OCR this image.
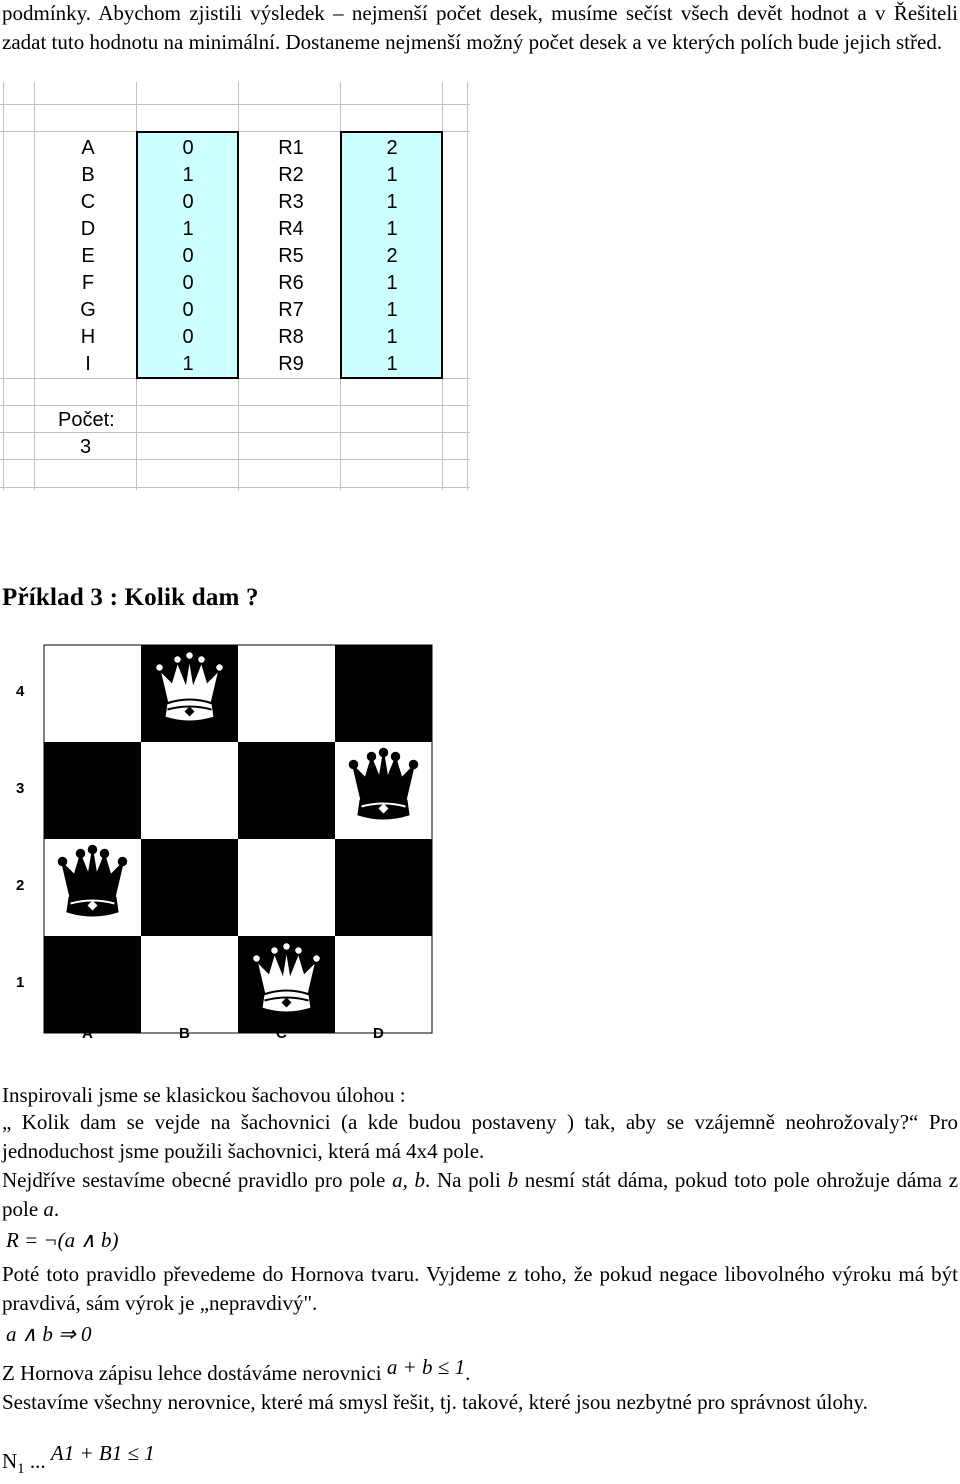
podmínky. Abychom zjistili výsledek – nejmenší počet desek, musíme sečíst všech devět hodnot a v Řešiteli zadat tuto hodnotu na minimální. Dostaneme nejmenší možný počet desek a ve kterých polích bude jejich střed.

A	0	R1	2
B	1	R2	1
C	0	R3	1
D	1	R4	1
E	0	R5	2
F	0	R6	1
G	0	R7	1
H	0	R8	1
I	1	R9	1
Počet:
3
Příklad 3 : Kolik dam ?
4
3
2
1
A	B	C	D
Inspirovali jsme se klasickou šachovou úlohou :

„ Kolik dam se vejde na šachovnici (a kde budou postaveny ) tak, aby se vzájemně neohrožovaly?“ Pro jednoduchost jsme použili šachovnici, která má 4x4 pole.

Nejdříve sestavíme obecné pravidlo pro pole a, b. Na poli b nesmí stát dáma, pokud toto pole ohrožuje dáma z pole a.

R = ¬(a ∧ b)

Poté toto pravidlo převedeme do Hornova tvaru. Vyjdeme z toho, že pokud negace libovolného výroku má být pravdivá, sám výrok je „nepravdivý".

a ∧ b ⇒ 0
Z Hornova zápisu lehce dostáváme nerovnici a + b ≤ 1.

Sestavíme všechny nerovnice, které má smysl řešit, tj. takové, které jsou nezbytné pro správnost úlohy.

$N_1$ ... A1 + B1 ≤ 1
